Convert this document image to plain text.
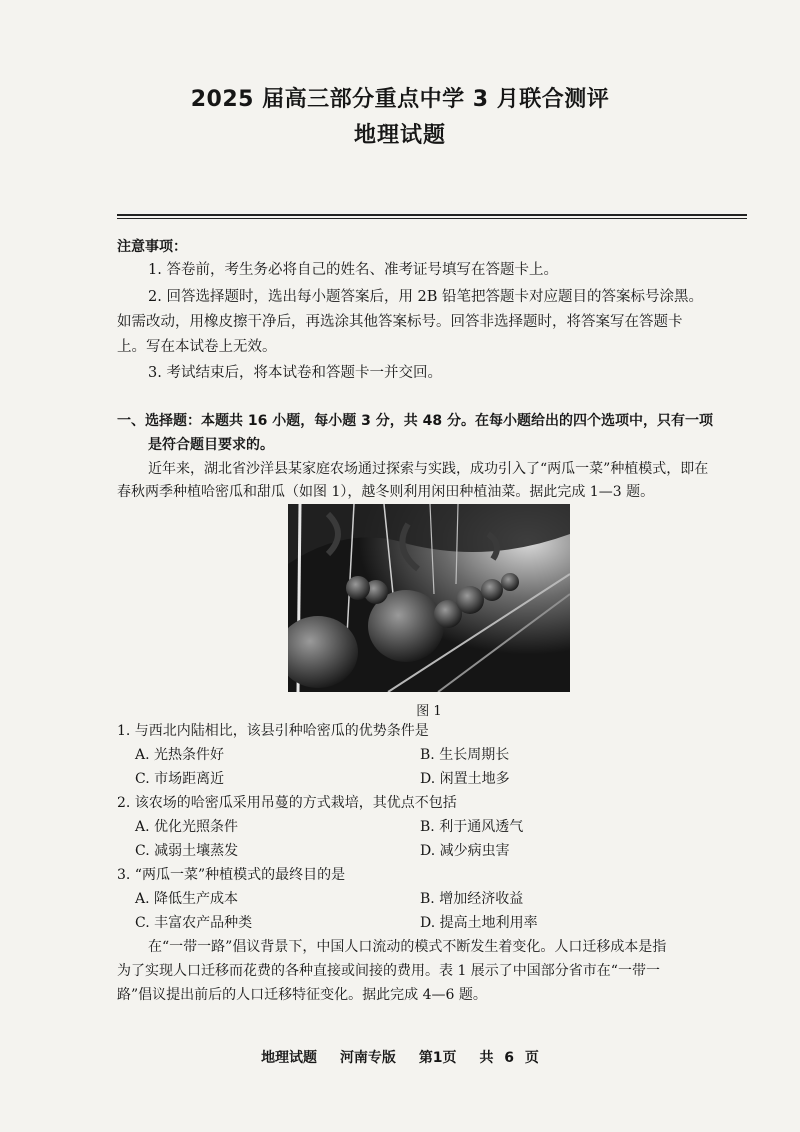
2025 届高三部分重点中学 3 月联合测评
地理试题
注意事项：
1. 答卷前，考生务必将自己的姓名、准考证号填写在答题卡上。
2. 回答选择题时，选出每小题答案后，用 2B 铅笔把答题卡对应题目的答案标号涂黑。
如需改动，用橡皮擦干净后，再选涂其他答案标号。回答非选择题时，将答案写在答题卡
上。写在本试卷上无效。
3. 考试结束后，将本试卷和答题卡一并交回。
一、选择题：本题共 16 小题，每小题 3 分，共 48 分。在每小题给出的四个选项中，只有一项
是符合题目要求的。
近年来，湖北省沙洋县某家庭农场通过探索与实践，成功引入了“两瓜一菜”种植模式，即在
春秋两季种植哈密瓜和甜瓜（如图 1），越冬则利用闲田种植油菜。据此完成 1—3 题。
图 1
1. 与西北内陆相比，该县引种哈密瓜的优势条件是
A. 光热条件好	B. 生长周期长
C. 市场距离近	D. 闲置土地多
2. 该农场的哈密瓜采用吊蔓的方式栽培，其优点不包括
A. 优化光照条件	B. 利于通风透气
C. 减弱土壤蒸发	D. 减少病虫害
3. “两瓜一菜”种植模式的最终目的是
A. 降低生产成本	B. 增加经济收益
C. 丰富农产品种类	D. 提高土地利用率
在“一带一路”倡议背景下，中国人口流动的模式不断发生着变化。人口迁移成本是指
为了实现人口迁移而花费的各种直接或间接的费用。表 1 展示了中国部分省市在“一带一
路”倡议提出前后的人口迁移特征变化。据此完成 4—6 题。
地理试题 河南专版 第1页 共 6 页
